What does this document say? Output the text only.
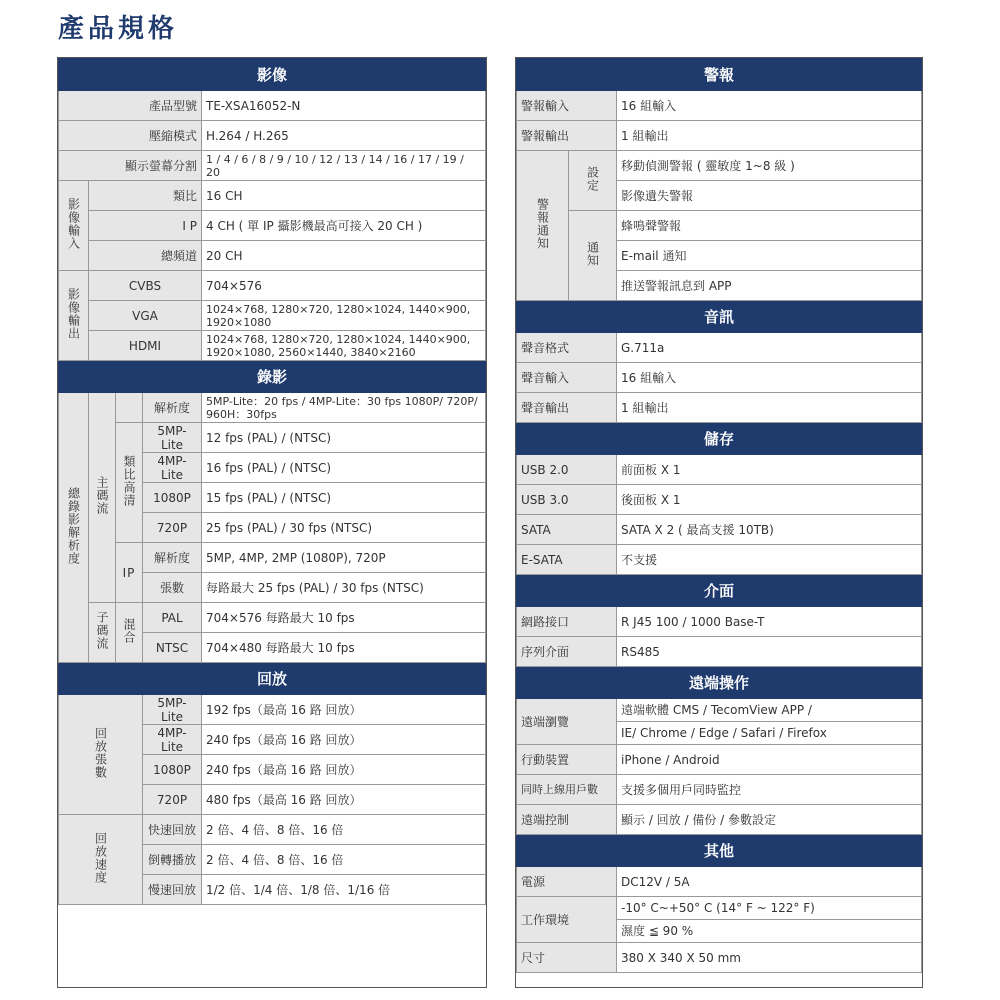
產品規格
影像				
產品型號				TE-XSA16052-N
壓縮模式				H.264 / H.265
顯示螢幕分割				1 / 4 / 6 / 8 / 9 / 10 / 12 / 13 / 14 / 16 / 17 / 19 / 20
影像輸入	類比			16 CH
	I P			4 CH ( 單 IP 攝影機最高可接入 20 CH )
	總頻道			20 CH
影像輸出	CVBS			704×576
	VGA			1024×768, 1280×720, 1280×1024, 1440×900, 1920×1080
	HDMI			1024×768, 1280×720, 1280×1024, 1440×900, 1920×1080, 2560×1440, 3840×2160
錄影				
總錄影解析度	主碼流		解析度	5MP-Lite：20 fps / 4MP-Lite：30 fps 1080P/ 720P/ 960H：30fps
		類比高清	5MP-Lite	12 fps (PAL) / (NTSC)
			4MP-Lite	16 fps (PAL) / (NTSC)
			1080P	15 fps (PAL) / (NTSC)
			720P	25 fps (PAL) / 30 fps (NTSC)
		IP	解析度	5MP, 4MP, 2MP (1080P), 720P
			張數	每路最大 25 fps (PAL) / 30 fps (NTSC)
	子碼流	混合	PAL	704×576 每路最大 10 fps
			NTSC	704×480 每路最大 10 fps
回放				
回放張數			5MP-Lite	192 fps（最高 16 路 回放）
			4MP-Lite	240 fps（最高 16 路 回放）
			1080P	240 fps（最高 16 路 回放）
			720P	480 fps（最高 16 路 回放）
回放速度			快速回放	2 倍、4 倍、8 倍、16 倍
			倒轉播放	2 倍、4 倍、8 倍、16 倍
			慢速回放	1/2 倍、1/4 倍、1/8 倍、1/16 倍
警報		
警報輸入		16 組輸入
警報輸出		1 組輸出
警報通知	設定	移動偵測警報 ( 靈敏度 1~8 級 )
		影像遺失警報
	通知	蜂鳴聲警報
		E-mail 通知
		推送警報訊息到 APP
音訊		
聲音格式		G.711a
聲音輸入		16 組輸入
聲音輸出		1 組輸出
儲存		
USB 2.0		前面板 X 1
USB 3.0		後面板 X 1
SATA		SATA X 2 ( 最高支援 10TB)
E-SATA		不支援
介面		
網路接口		R J45 100 / 1000 Base-T
序列介面		RS485
遠端操作		
遠端瀏覽		遠端軟體 CMS / TecomView APP /
		IE/ Chrome / Edge / Safari / Firefox
行動裝置		iPhone / Android
同時上線用戶數		支援多個用戶同時監控
遠端控制		顯示 / 回放 / 備份 / 參數設定
其他		
電源		DC12V / 5A
工作環境		-10° C~+50° C (14° F ~ 122° F)
		濕度 ≦ 90 %
尺寸		380 X 340 X 50 mm
